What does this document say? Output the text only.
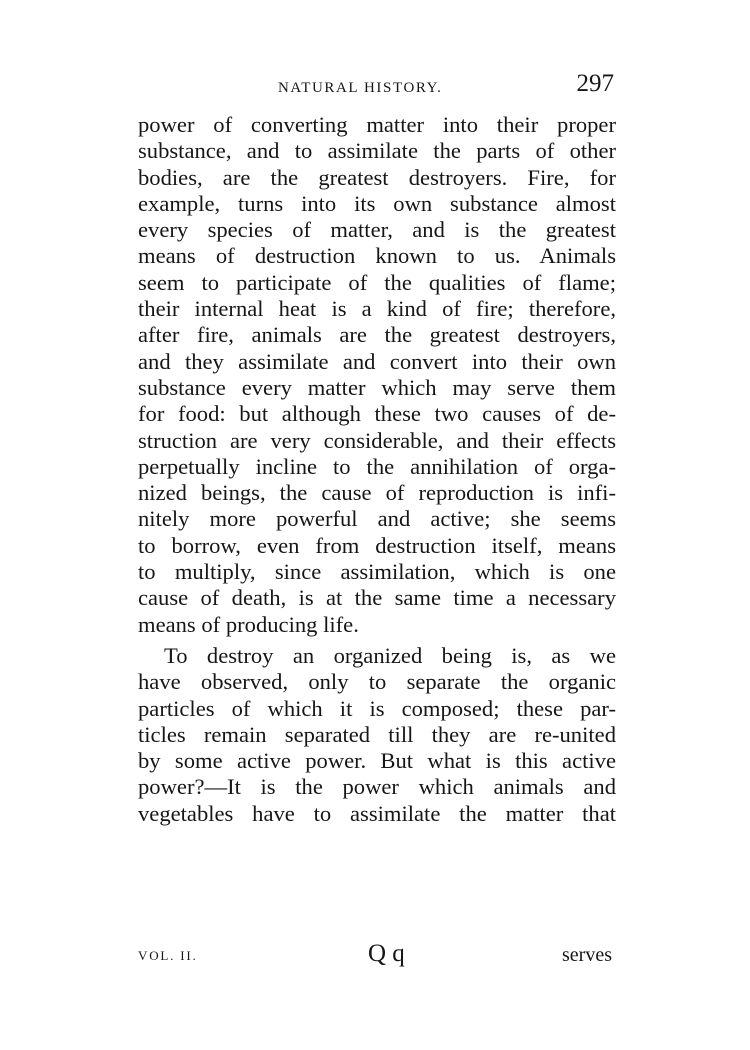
NATURAL HISTORY.	297
power of converting matter into their proper
substance, and to assimilate the parts of other
bodies, are the greatest destroyers. Fire, for
example, turns into its own substance almost
every species of matter, and is the greatest
means of destruction known to us. Animals
seem to participate of the qualities of flame;
their internal heat is a kind of fire; therefore,
after fire, animals are the greatest destroyers,
and they assimilate and convert into their own
substance every matter which may serve them
for food: but although these two causes of de-
struction are very considerable, and their effects
perpetually incline to the annihilation of orga-
nized beings, the cause of reproduction is infi-
nitely more powerful and active; she seems
to borrow, even from destruction itself, means
to multiply, since assimilation, which is one
cause of death, is at the same time a necessary
means of producing life.
To destroy an organized being is, as we
have observed, only to separate the organic
particles of which it is composed; these par-
ticles remain separated till they are re-united
by some active power. But what is this active
power?—It is the power which animals and
vegetables have to assimilate the matter that
VOL. II.	Q q	serves
